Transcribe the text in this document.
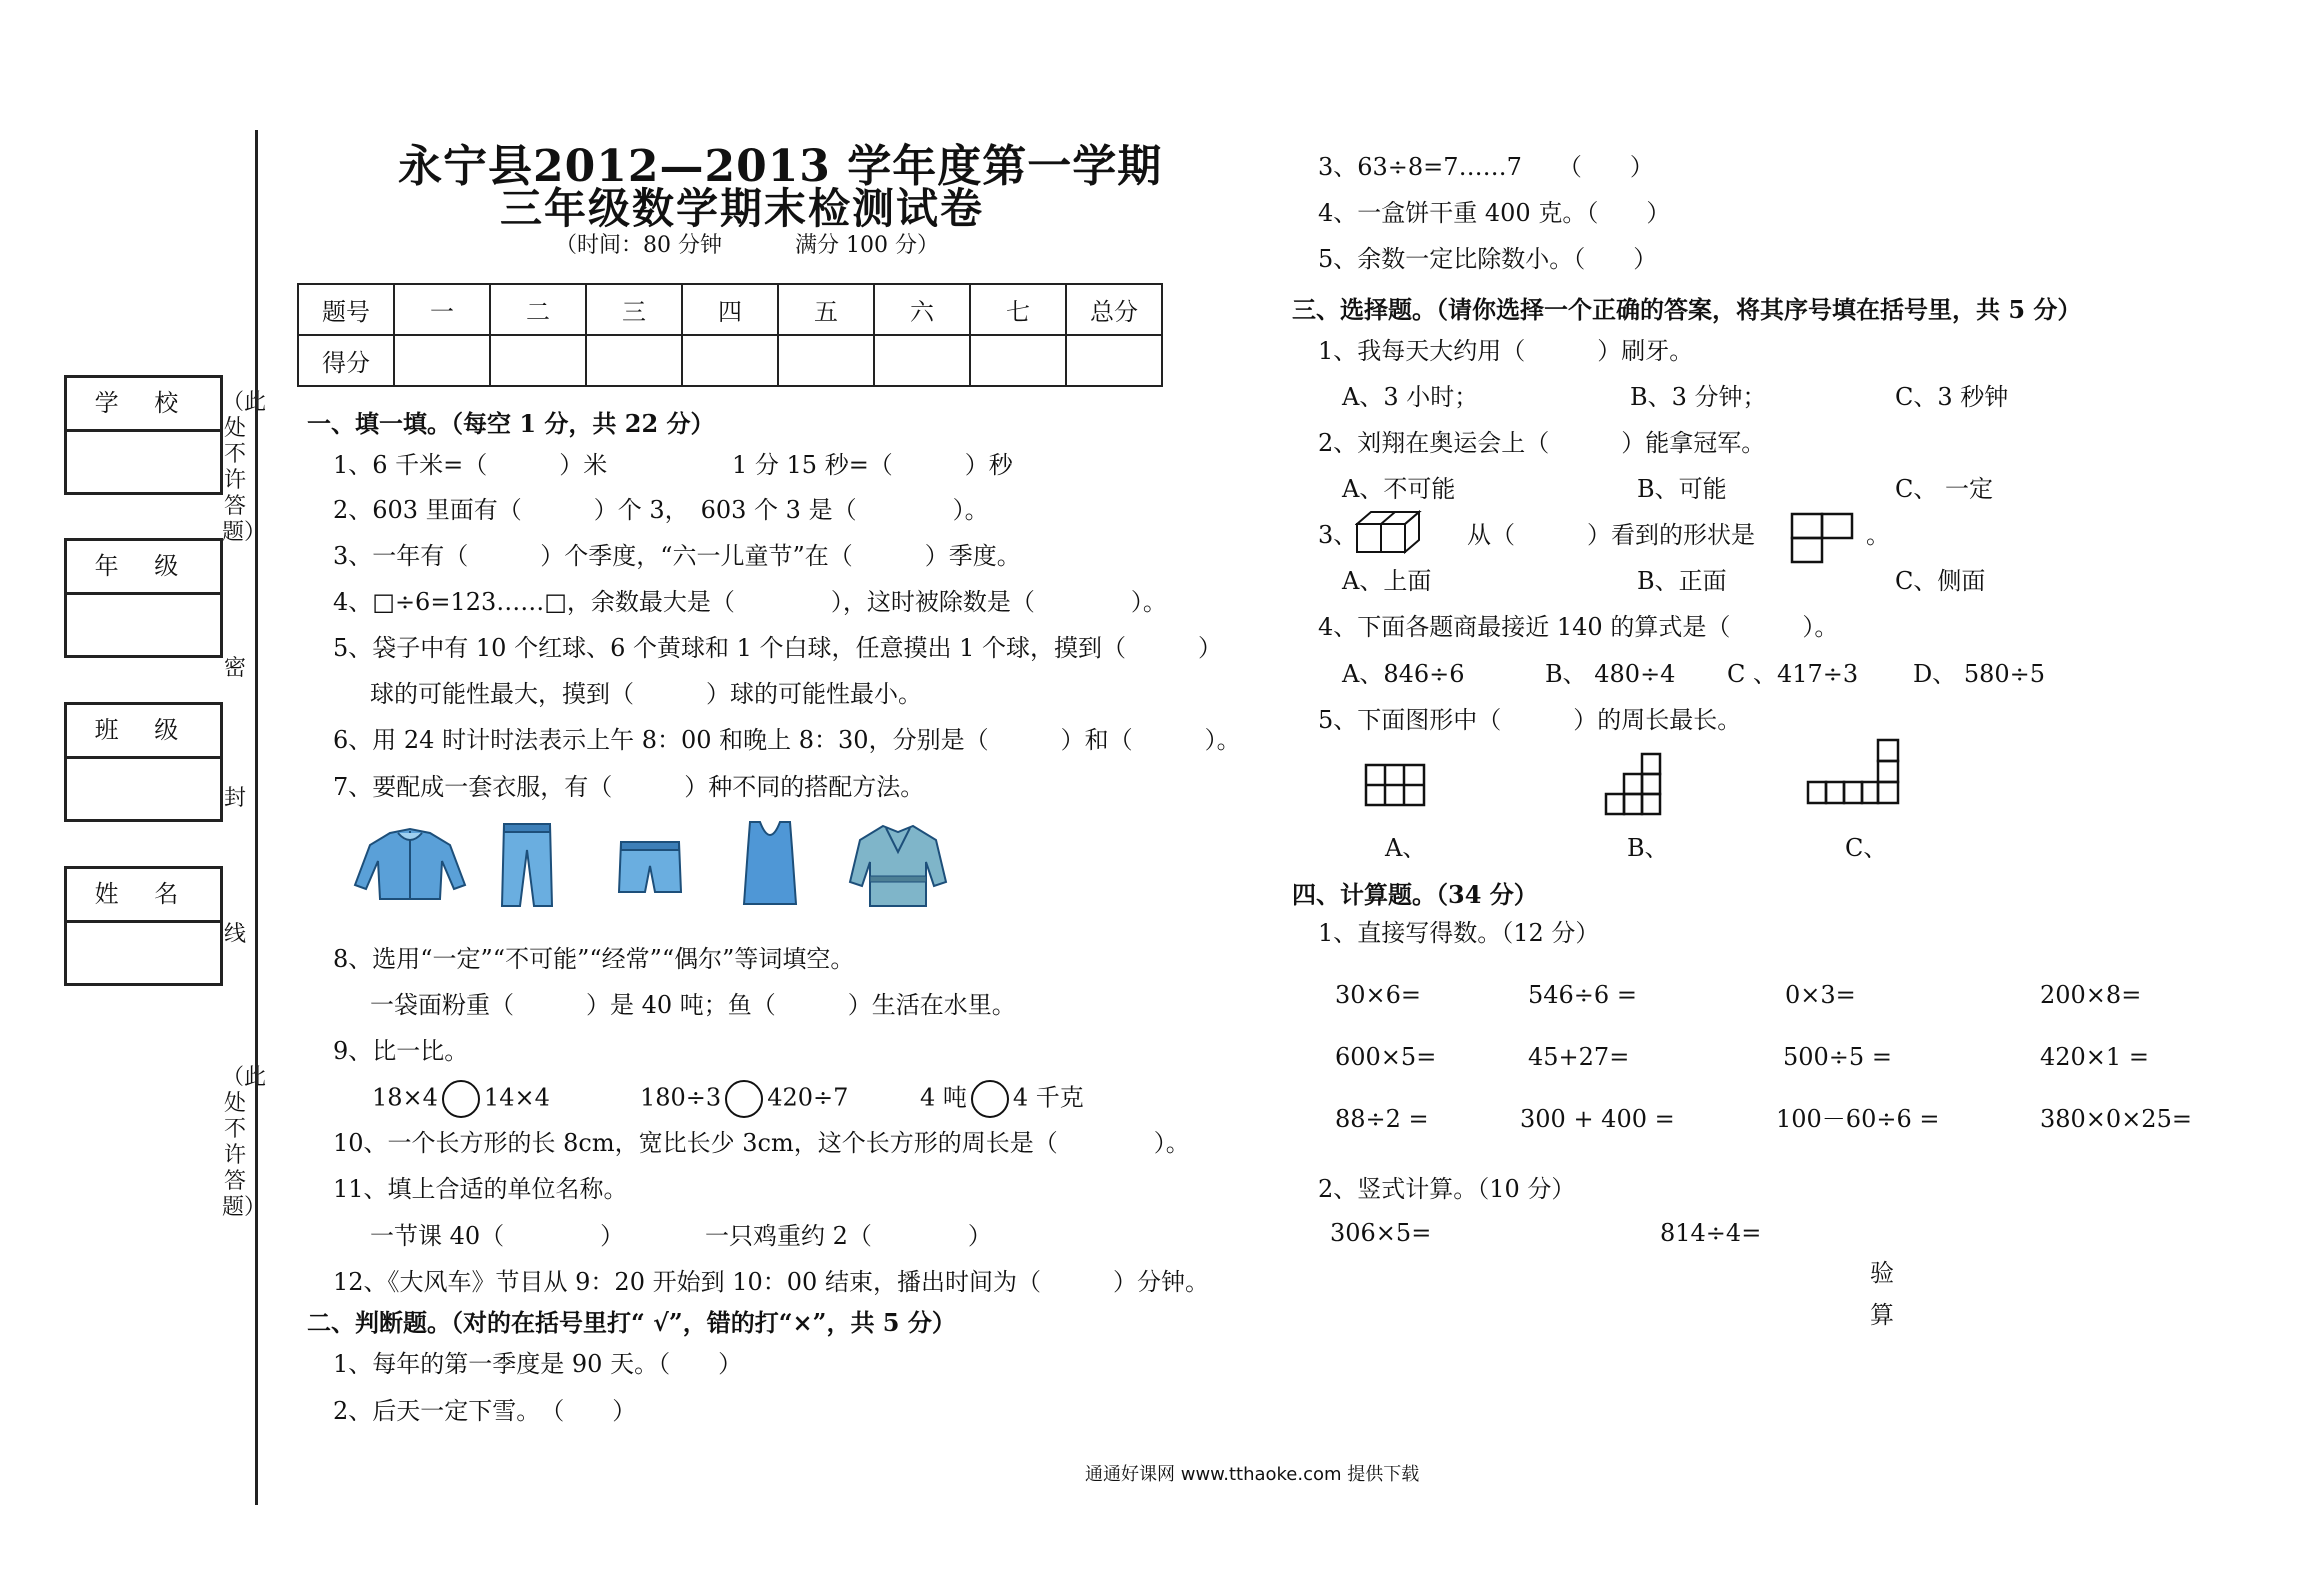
学 校
年 级
班 级
姓 名
（此处不许答题）
（此处不许答题）
密
封
线
永宁县2012—2013 学年度第一学期
三年级数学期末检测试卷
（时间：80 分钟	满分 100 分）
题号	一	二	三	四	五	六	七	总分
得分								
一、填一填。（每空 1 分，共 22 分）
1、6 千米=（　　　）米	1 分 15 秒=（　　　）秒
2、603 里面有（　　　）个 3，　603 个 3 是（　　　　）。
3、一年有（　　　）个季度，“六一儿童节”在（　　　）季度。
4、□÷6=123……□，余数最大是（　　　　），这时被除数是（　　　　）。
5、袋子中有 10 个红球、6 个黄球和 1 个白球，任意摸出 1 个球，摸到（　　　）
球的可能性最大，摸到（　　　）球的可能性最小。
6、用 24 时计时法表示上午 8：00 和晚上 8：30，分别是（　　　）和（　　　）。
7、要配成一套衣服，有（　　　）种不同的搭配方法。
8、选用“一定”“不可能”“经常”“偶尔”等词填空。
一袋面粉重（　　　）是 40 吨；鱼（　　　）生活在水里。
9、比一比。
18×4 14×4	180÷3 420÷7	4 吨 4 千克
10、一个长方形的长 8cm，宽比长少 3cm，这个长方形的周长是（　　　　）。
11、填上合适的单位名称。
一节课 40（　　　　）	一只鸡重约 2（　　　　）
12、《大风车》节目从 9：20 开始到 10：00 结束，播出时间为（　　　）分钟。
二、判断题。（对的在括号里打“ √”，错的打“×”，共 5 分）
1、每年的第一季度是 90 天。（　　）
2、后天一定下雪。　（　　）
3、63÷8=7……7　　（　　）
4、一盒饼干重 400 克。（　　）
5、余数一定比除数小。（　　）
三、选择题。（请你选择一个正确的答案，将其序号填在括号里，共 5 分）
1、我每天大约用（　　　）刷牙。
A、3 小时；	B、3 分钟；	C、3 秒钟
2、刘翔在奥运会上（　　　）能拿冠军。
A、不可能	B、可能	C、 一定
3、	从（　　　）看到的形状是	。
A、上面	B、正面	C、侧面
4、下面各题商最接近 140 的算式是（　　　）。
A、846÷6	B、 480÷4 C 、417÷3 D、 580÷5
5、下面图形中（　　　）的周长最长。
A、	B、	C、
四、计算题。（34 分）
1、直接写得数。（12 分）
30×6=	546÷6 =	0×3=	200×8=
600×5=	45+27=	500÷5 =	420×1 =
88÷2 =	300 + 400 =	100－60÷6 =	380×0×25=
2、竖式计算。（10 分）
306×5=	814÷4=
验
算
通通好课网 www.tthaoke.com 提供下载
